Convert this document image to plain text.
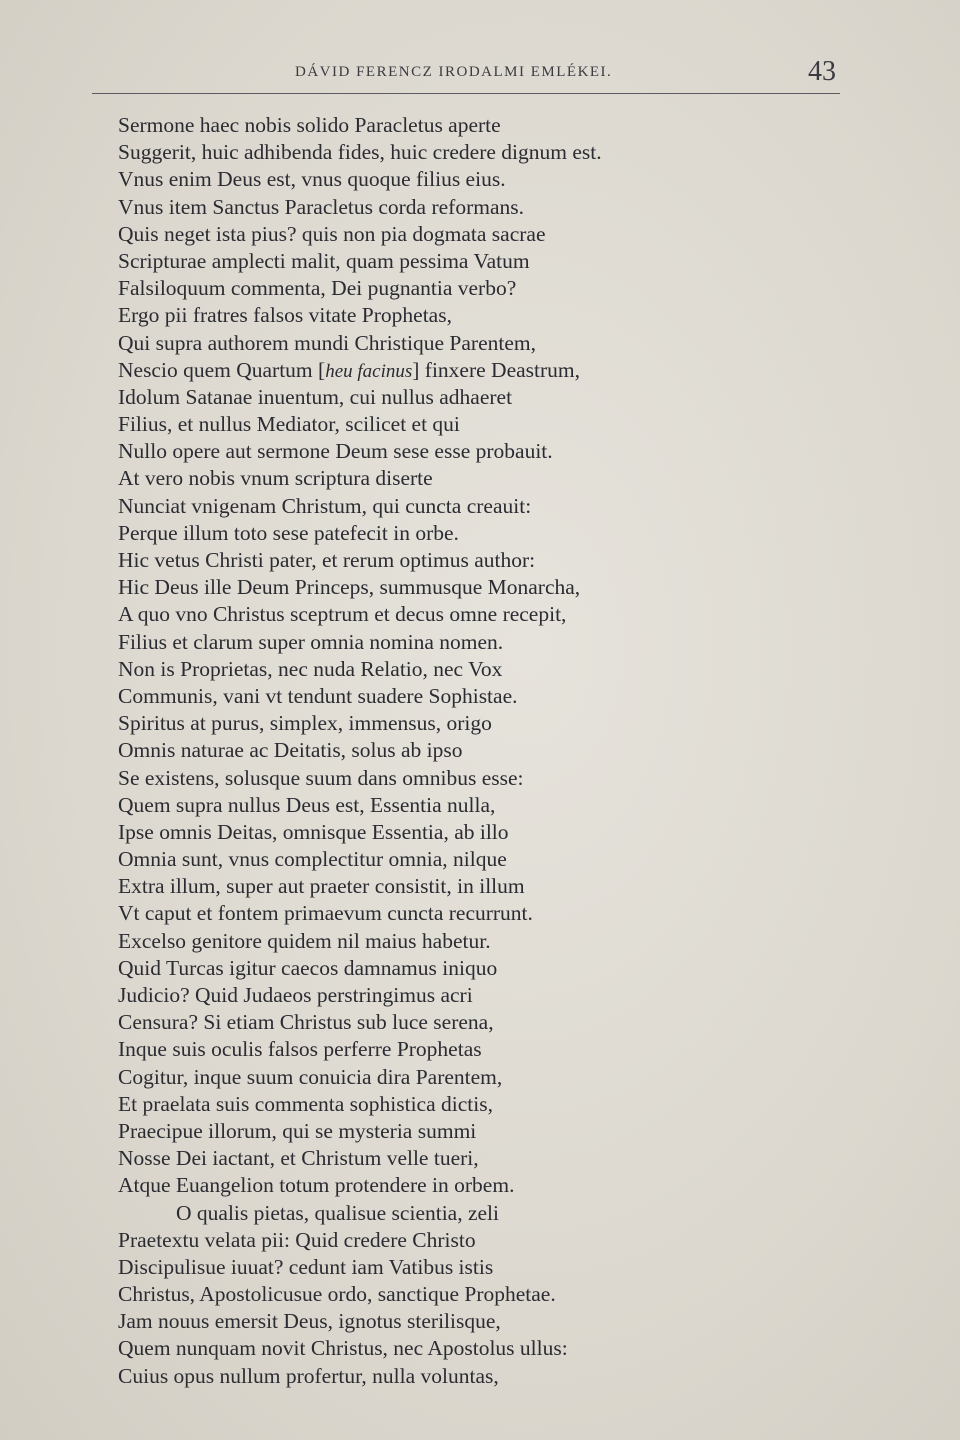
DÁVID FERENCZ IRODALMI EMLÉKEI.	43
Sermone haec nobis solido Paracletus aperte
Suggerit, huic adhibenda fides, huic credere dignum est.
Vnus enim Deus est, vnus quoque filius eius.
Vnus item Sanctus Paracletus corda reformans.
Quis neget ista pius? quis non pia dogmata sacrae
Scripturae amplecti malit, quam pessima Vatum
Falsiloquum commenta, Dei pugnantia verbo?
Ergo pii fratres falsos vitate Prophetas,
Qui supra authorem mundi Christique Parentem,
Nescio quem Quartum [heu facinus] finxere Deastrum,
Idolum Satanae inuentum, cui nullus adhaeret
Filius, et nullus Mediator, scilicet et qui
Nullo opere aut sermone Deum sese esse probauit.
At vero nobis vnum scriptura diserte
Nunciat vnigenam Christum, qui cuncta creauit:
Perque illum toto sese patefecit in orbe.
Hic vetus Christi pater, et rerum optimus author:
Hic Deus ille Deum Princeps, summusque Monarcha,
A quo vno Christus sceptrum et decus omne recepit,
Filius et clarum super omnia nomina nomen.
Non is Proprietas, nec nuda Relatio, nec Vox
Communis, vani vt tendunt suadere Sophistae.
Spiritus at purus, simplex, immensus, origo
Omnis naturae ac Deitatis, solus ab ipso
Se existens, solusque suum dans omnibus esse:
Quem supra nullus Deus est, Essentia nulla,
Ipse omnis Deitas, omnisque Essentia, ab illo
Omnia sunt, vnus complectitur omnia, nilque
Extra illum, super aut praeter consistit, in illum
Vt caput et fontem primaevum cuncta recurrunt.
Excelso genitore quidem nil maius habetur.
Quid Turcas igitur caecos damnamus iniquo
Judicio? Quid Judaeos perstringimus acri
Censura? Si etiam Christus sub luce serena,
Inque suis oculis falsos perferre Prophetas
Cogitur, inque suum conuicia dira Parentem,
Et praelata suis commenta sophistica dictis,
Praecipue illorum, qui se mysteria summi
Nosse Dei iactant, et Christum velle tueri,
Atque Euangelion totum protendere in orbem.
O qualis pietas, qualisue scientia, zeli
Praetextu velata pii: Quid credere Christo
Discipulisue iuuat? cedunt iam Vatibus istis
Christus, Apostolicusue ordo, sanctique Prophetae.
Jam nouus emersit Deus, ignotus sterilisque,
Quem nunquam novit Christus, nec Apostolus ullus:
Cuius opus nullum profertur, nulla voluntas,
